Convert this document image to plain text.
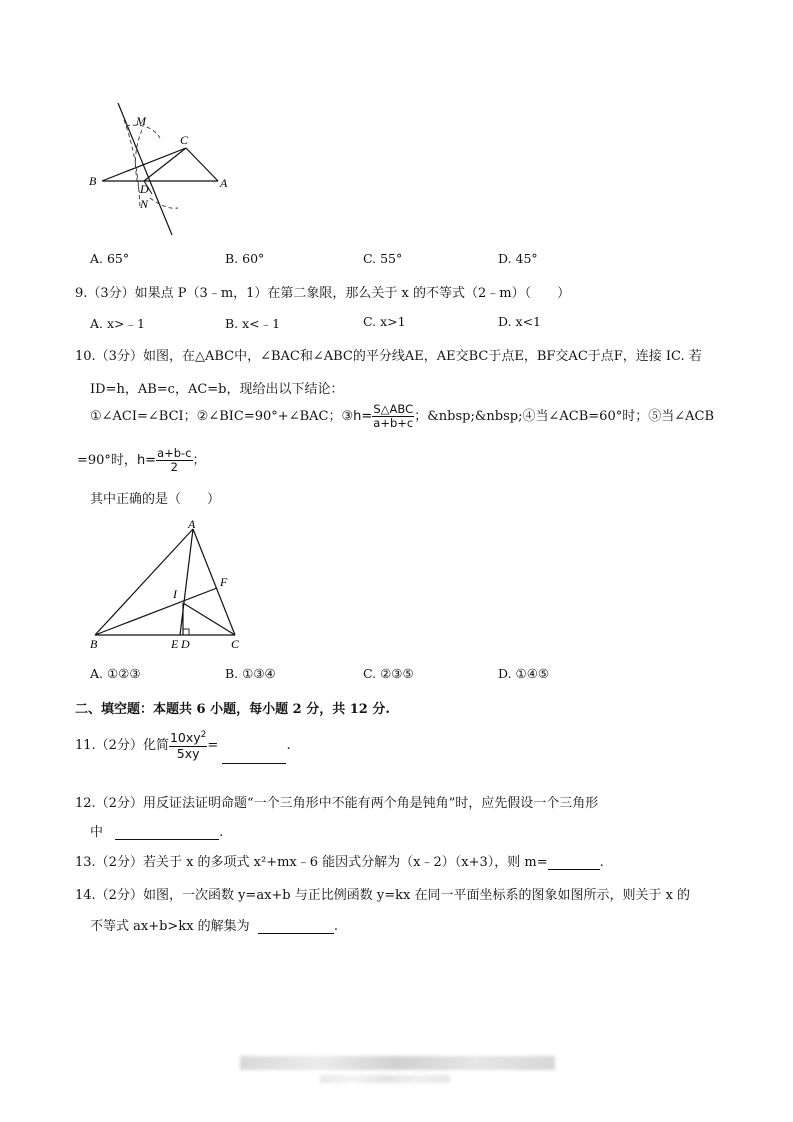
M
C
B
D	A
N
A. 65°	B. 60°	C. 55°	D. 45°
9.（3分）如果点 P（3﹣m，1）在第二象限，那么关于 x 的不等式（2﹣m）（　　）
A. x>﹣1	B. x<﹣1	C. x>1	D. x<1
10.（3分）如图，在△ABC中，∠BAC和∠ABC的平分线AE，AE交BC于点E，BF交AC于点F，连接 IC. 若
ID=h，AB=c，AC=b，现给出以下结论：
①∠ACI=∠BCI；②∠BIC=90°+∠BAC；③h= $\frac{\text{S△ABC}}{a+b+c}$ ；&nbsp;&nbsp;④当∠ACB=60°时；⑤当∠ACB
=90°时，$h= \frac{a+b-c}{2}$ ；
其中正确的是（　　）
A
F
I
B	E D	C
A. ①②③	B. ①③④	C. ②③⑤	D. ①④⑤
二、填空题：本题共 6 小题，每小题 2 分，共 12 分.
11.（2分）化简 $\frac{10xy^2}{5xy}$ =	.
12.（2分）用反证法证明命题“一个三角形中不能有两个角是钝角”时，应先假设一个三角形
中	.
13.（2分）若关于 x 的多项式 x²+mx﹣6 能因式分解为（x﹣2）（x+3），则 m=	.
14.（2分）如图，一次函数 y=ax+b 与正比例函数 y=kx 在同一平面坐标系的图象如图所示，则关于 x 的
不等式 ax+b>kx 的解集为	.
